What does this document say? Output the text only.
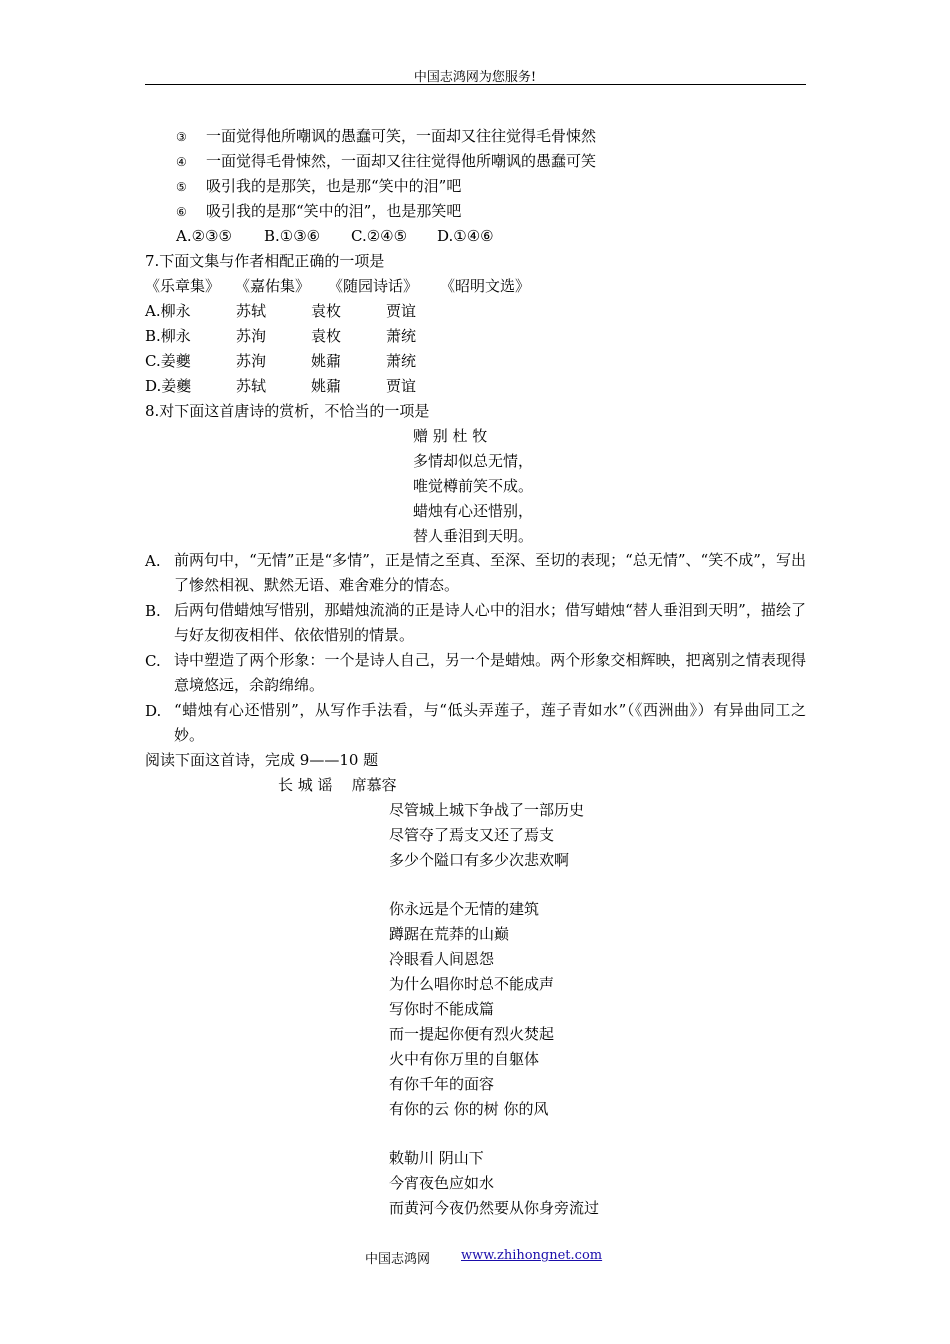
中国志鸿网为您服务!
③ 一面觉得他所嘲讽的愚蠢可笑，一面却又往往觉得毛骨悚然
④ 一面觉得毛骨悚然，一面却又往往觉得他所嘲讽的愚蠢可笑
⑤ 吸引我的是那笑，也是那“笑中的泪”吧
⑥ 吸引我的是那“笑中的泪”，也是那笑吧
A.②③⑤ B.①③⑥ C.②④⑤ D.①④⑥
7.下面文集与作者相配正确的一项是
《乐章集》 《嘉佑集》 《随园诗话》 《昭明文选》
A.柳永	苏轼	袁枚	贾谊
B.柳永	苏洵	袁枚	萧统
C.姜夔	苏洵	姚鼐	萧统
D.姜夔	苏轼	姚鼐	贾谊
8.对下面这首唐诗的赏析，不恰当的一项是
赠 别 杜 牧
多情却似总无情，
唯觉樽前笑不成。
蜡烛有心还惜别，
替人垂泪到天明。
A. 前两句中，“无情”正是“多情”，正是情之至真、至深、至切的表现；“总无情”、“笑不成”，写出了惨然相视、默然无语、难舍难分的情态。
B. 后两句借蜡烛写惜别，那蜡烛流淌的正是诗人心中的泪水；借写蜡烛“替人垂泪到天明”，描绘了与好友彻夜相伴、依依惜别的情景。
C. 诗中塑造了两个形象：一个是诗人自己，另一个是蜡烛。两个形象交相辉映，把离别之情表现得意境悠远，余韵绵绵。
D. “蜡烛有心还惜别”，从写作手法看，与“低头弄莲子，莲子青如水”（《西洲曲》）有异曲同工之妙。
阅读下面这首诗，完成 9——10 题
长 城 谣    席慕容
尽管城上城下争战了一部历史
尽管夺了焉支又还了焉支
多少个隘口有多少次悲欢啊
你永远是个无情的建筑
蹲踞在荒莽的山巅
冷眼看人间恩怨
为什么唱你时总不能成声
写你时不能成篇
而一提起你便有烈火焚起
火中有你万里的自躯体
有你千年的面容
有你的云 你的树 你的风
敕勒川 阴山下
今宵夜色应如水
而黄河今夜仍然要从你身旁流过
中国志鸿网 www.zhihongnet.com
